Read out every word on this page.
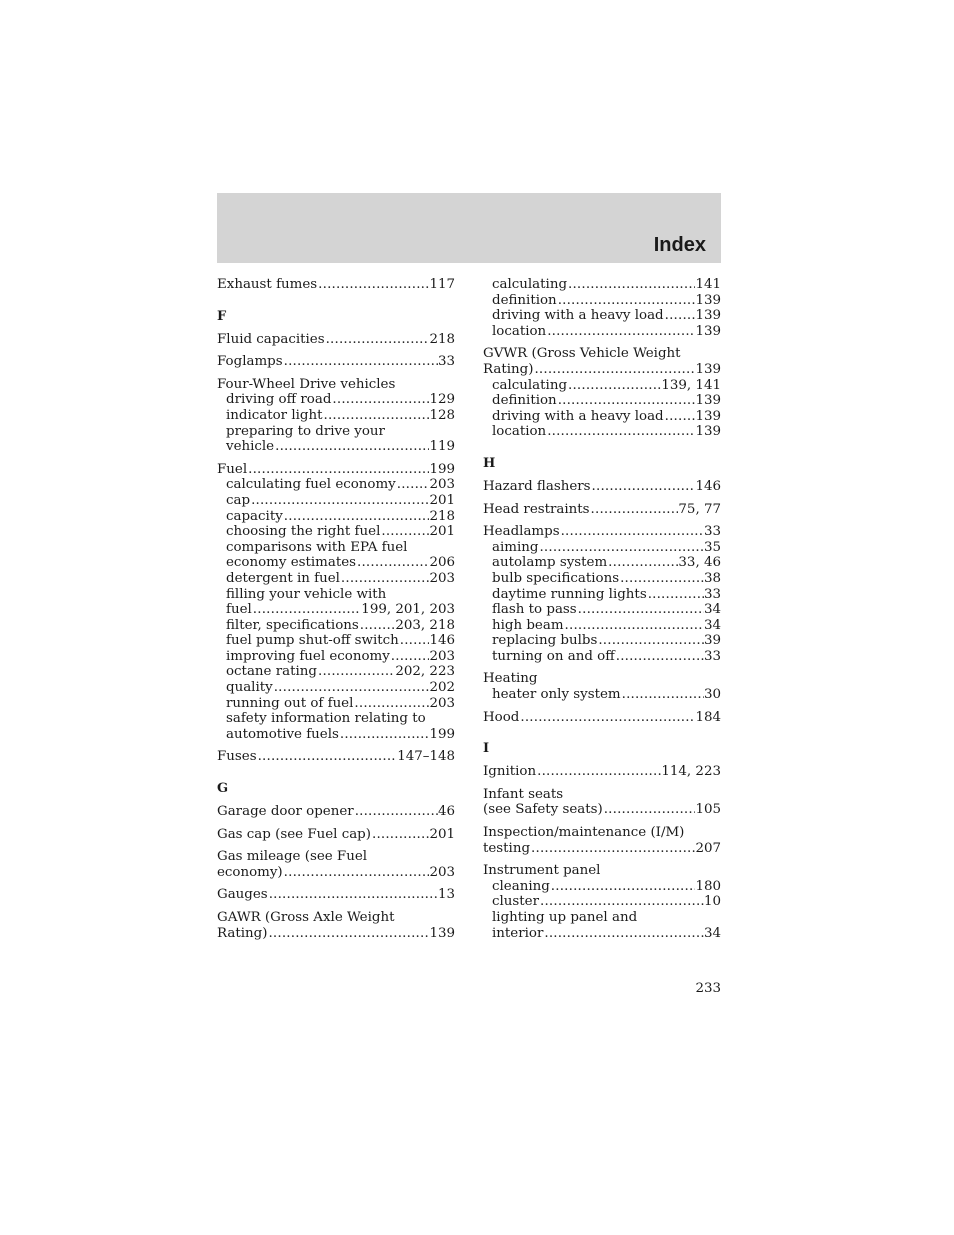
Index
Exhaust fumes .....	117
F
Fluid capacities .....	218
Foglamps .....	33
Four-Wheel Drive vehicles
driving off road .....	129
indicator light .....	128
preparing to drive your
vehicle .....	119
Fuel .....	199
calculating fuel economy .....	203
cap .....	201
capacity .....	218
choosing the right fuel .....	201
comparisons with EPA fuel
economy estimates .....	206
detergent in fuel .....	203
filling your vehicle with
fuel .....	199, 201, 203
filter, specifications .....	203, 218
fuel pump shut-off switch ..... 146
improving fuel economy .....	203
octane rating .....	202, 223
quality .....	202
running out of fuel .....	203
safety information relating to
automotive fuels .....	199
Fuses .....	147–148
G
Garage door opener .....	46
Gas cap (see Fuel cap) .....	201
Gas mileage (see Fuel
economy) .....	203
Gauges .....	13
GAWR (Gross Axle Weight
Rating) .....	139
calculating .....	141
definition .....	139
driving with a heavy load ..... 139
location .....	139
GVWR (Gross Vehicle Weight
Rating) .....	139
calculating .....	139, 141
definition .....	139
driving with a heavy load ..... 139
location .....	139
H
Hazard flashers .....	146
Head restraints .....	75, 77
Headlamps .....	33
aiming .....	35
autolamp system .....	33, 46
bulb specifications .....	38
daytime running lights .....	33
flash to pass .....	34
high beam .....	34
replacing bulbs .....	39
turning on and off .....	33
Heating
heater only system .....	30
Hood .....	184
I
Ignition .....	114, 223
Infant seats
(see Safety seats) .....	105
Inspection/maintenance (I/M)
testing .....	207
Instrument panel
cleaning .....	180
cluster .....	10
lighting up panel and
interior .....	34
233
